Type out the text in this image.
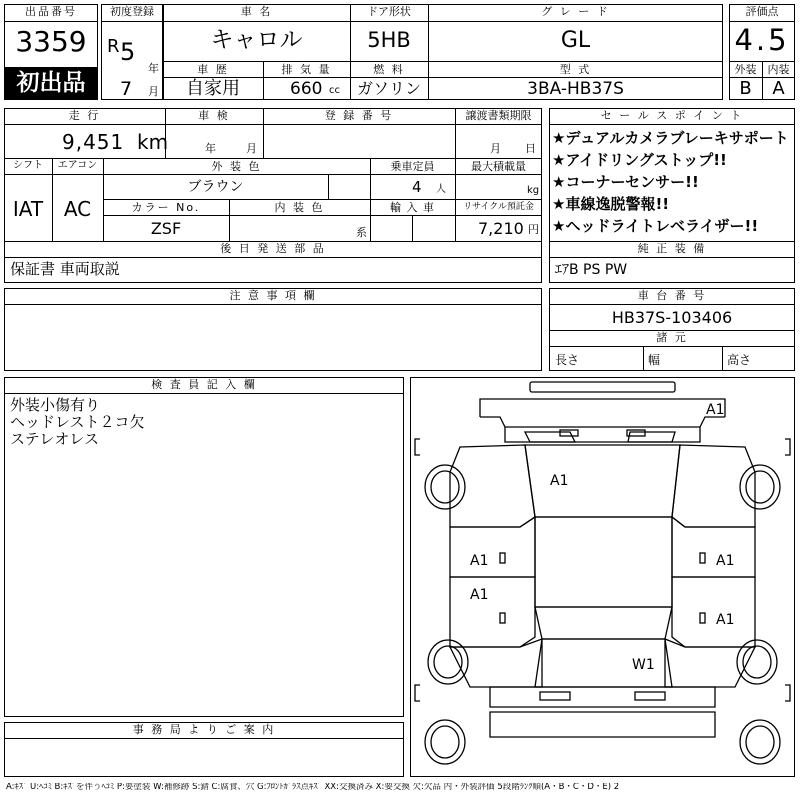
出品番号
3359
初出品
初度登録
R 5
年
7 月
車 名
キャロル
ドア形状
5HB
グ レ ー ド
GL
車 歴
自家用
排 気 量
660 cc
燃 料
ガソリン
型 式
3BA-HB37S
評価点
4.5
外装	内装
B	A
走 行
9,451 km
車 検
年	月
登 録 番 号	譲渡書類期限
月 日
シフト
IAT
エアコン
AC
外 装 色
ブラウン
乗車定員
4 人
最大積載量
kg
カラー No.
ZSF
内 装 色
系
輸 入 車	リサイクル預託金
7,210 円
後 日 発 送 部 品
保証書 車両取説
セ ー ル ス ポ イ ン ト
★デュアルカメラブレーキサポート
★アイドリングストップ!!
★コーナーセンサー!!
★車線逸脱警報!!
★ヘッドライトレベライザー!!
純 正 装 備
ｴｱB PS PW
注 意 事 項 欄	車 台 番 号
HB37S-103406
諸 元
長さ	幅	高さ
検 査 員 記 入 欄
外装小傷有り
ヘッドレスト２コ欠
ステレオレス
事 務 局 よ り ご 案 内
A1
A1
A1	A1
A1
A1
W1
A:ｷｽﾞ U:ﾍｺﾐ B:ｷｽﾞを伴うﾍｺﾐ P:要塗装 W:補修跡 S:錆 C:腐食、穴 G:ﾌﾛﾝﾄｶﾞﾗｽ点ｷｽﾞ XX:交換済み X:要交換 欠:欠品 内・外装評価 5段階ﾗﾝｸ順(A・B・C・D・E) 2
